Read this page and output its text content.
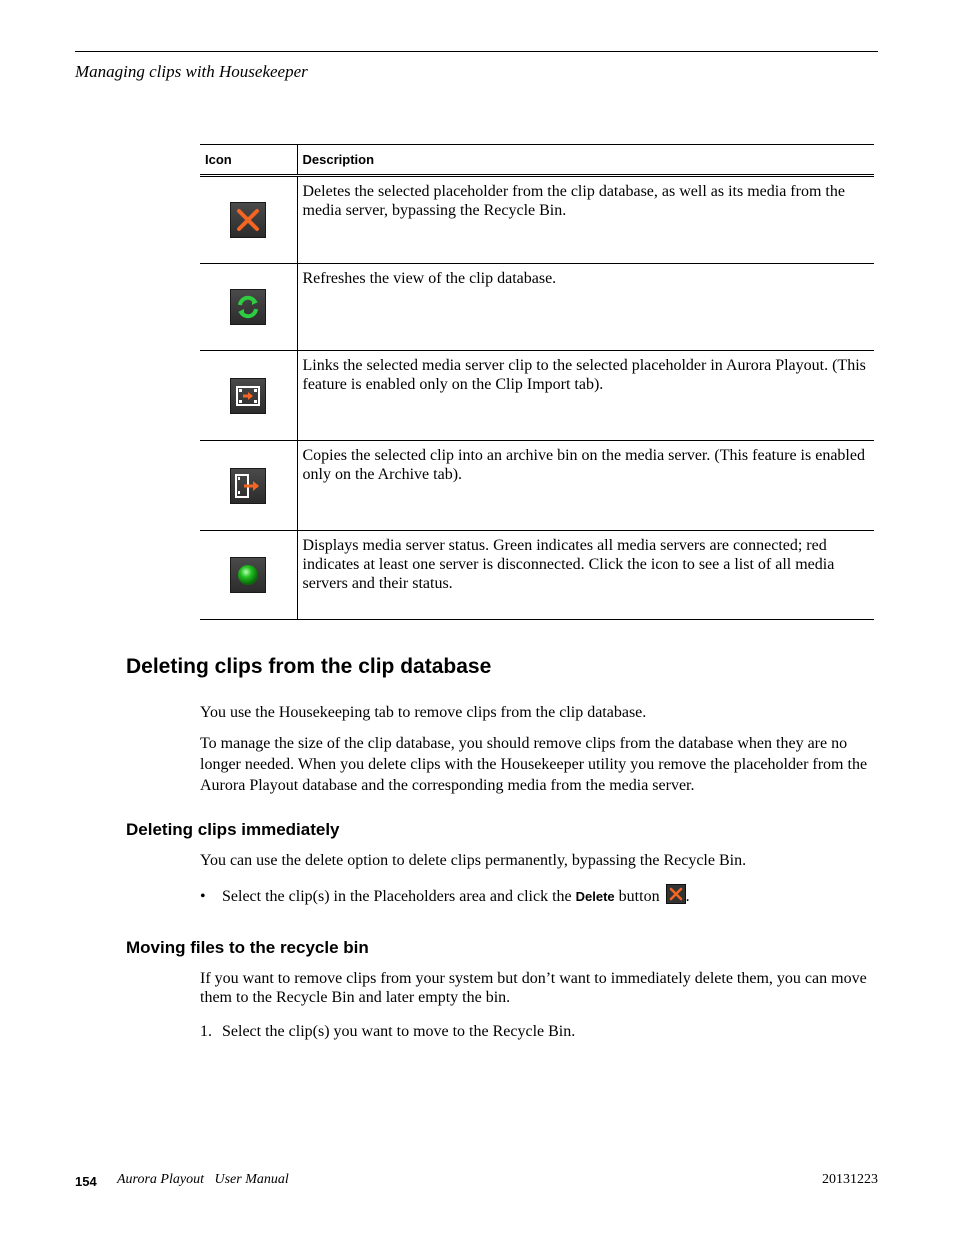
Managing clips with Housekeeper
Icon	Description

	Deletes the selected placeholder from the clip database, as well as its media from the media server, bypassing the Recycle Bin.

	Refreshes the view of the clip database.

	Links the selected media server clip to the selected placeholder in Aurora Playout. (This feature is enabled only on the Clip Import tab).

	Copies the selected clip into an archive bin on the media server. (This feature is enabled only on the Archive tab).

	Displays media server status. Green indicates all media servers are connected; red indicates at least one server is disconnected. Click the icon to see a list of all media servers and their status.
Deleting clips from the clip database

You use the Housekeeping tab to remove clips from the clip database.

To manage the size of the clip database, you should remove clips from the database when they are no longer needed. When you delete clips with the Housekeeper utility you remove the placeholder from the Aurora Playout database and the corresponding media from the media server.

Deleting clips immediately

You can use the delete option to delete clips permanently, bypassing the Recycle Bin.

• Select the clip(s) in the Placeholders area and click the Delete button
.
Moving files to the recycle bin

If you want to remove clips from your system but don’t want to immediately delete them, you can move them to the Recycle Bin and later empty the bin.

1. Select the clip(s) you want to move to the Recycle Bin.
154 Aurora Playout   User Manual	20131223
